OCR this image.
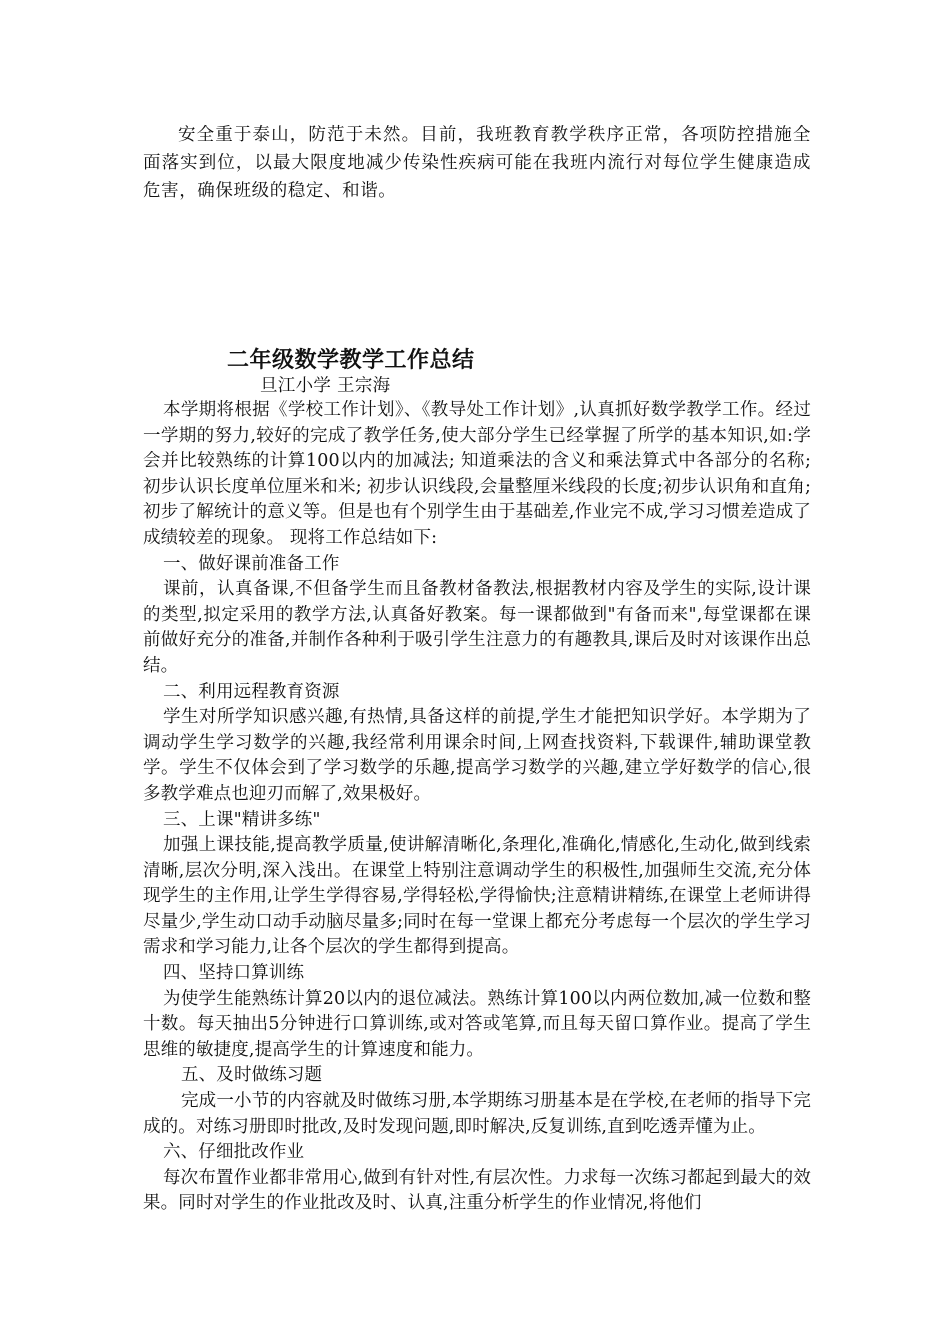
安全重于泰山，防范于未然。目前，我班教育教学秩序正常，各项防控措施全面落实到位，以最大限度地减少传染性疾病可能在我班内流行对每位学生健康造成危害，确保班级的稳定、和谐。

二年级数学教学工作总结
旦江小学 王宗海

本学期将根据《学校工作计划》、《教导处工作计划》,认真抓好数学教学工作。经过一学期的努力,较好的完成了教学任务,使大部分学生已经掌握了所学的基本知识,如:学会并比较熟练的计算100以内的加减法; 知道乘法的含义和乘法算式中各部分的名称; 初步认识长度单位厘米和米; 初步认识线段,会量整厘米线段的长度;初步认识角和直角;初步了解统计的意义等。但是也有个别学生由于基础差,作业完不成,学习习惯差造成了成绩较差的现象。 现将工作总结如下:

一、做好课前准备工作

课前，认真备课,不但备学生而且备教材备教法,根据教材内容及学生的实际,设计课的类型,拟定采用的教学方法,认真备好教案。每一课都做到"有备而来",每堂课都在课前做好充分的准备,并制作各种利于吸引学生注意力的有趣教具,课后及时对该课作出总结。

二、利用远程教育资源

学生对所学知识感兴趣,有热情,具备这样的前提,学生才能把知识学好。本学期为了调动学生学习数学的兴趣,我经常利用课余时间,上网查找资料,下载课件,辅助课堂教学。学生不仅体会到了学习数学的乐趣,提高学习数学的兴趣,建立学好数学的信心,很多教学难点也迎刃而解了,效果极好。

三、上课"精讲多练"

加强上课技能,提高教学质量,使讲解清晰化,条理化,准确化,情感化,生动化,做到线索清晰,层次分明,深入浅出。在课堂上特别注意调动学生的积极性,加强师生交流,充分体现学生的主作用,让学生学得容易,学得轻松,学得愉快;注意精讲精练,在课堂上老师讲得尽量少,学生动口动手动脑尽量多;同时在每一堂课上都充分考虑每一个层次的学生学习需求和学习能力,让各个层次的学生都得到提高。

四、坚持口算训练

为使学生能熟练计算20以内的退位减法。熟练计算100以内两位数加,减一位数和整十数。每天抽出5分钟进行口算训练,或对答或笔算,而且每天留口算作业。提高了学生思维的敏捷度,提高学生的计算速度和能力。

五、及时做练习题

完成一小节的内容就及时做练习册,本学期练习册基本是在学校,在老师的指导下完成的。对练习册即时批改,及时发现问题,即时解决,反复训练,直到吃透弄懂为止。

六、仔细批改作业

每次布置作业都非常用心,做到有针对性,有层次性。力求每一次练习都起到最大的效果。同时对学生的作业批改及时、认真,注重分析学生的作业情况,将他们
